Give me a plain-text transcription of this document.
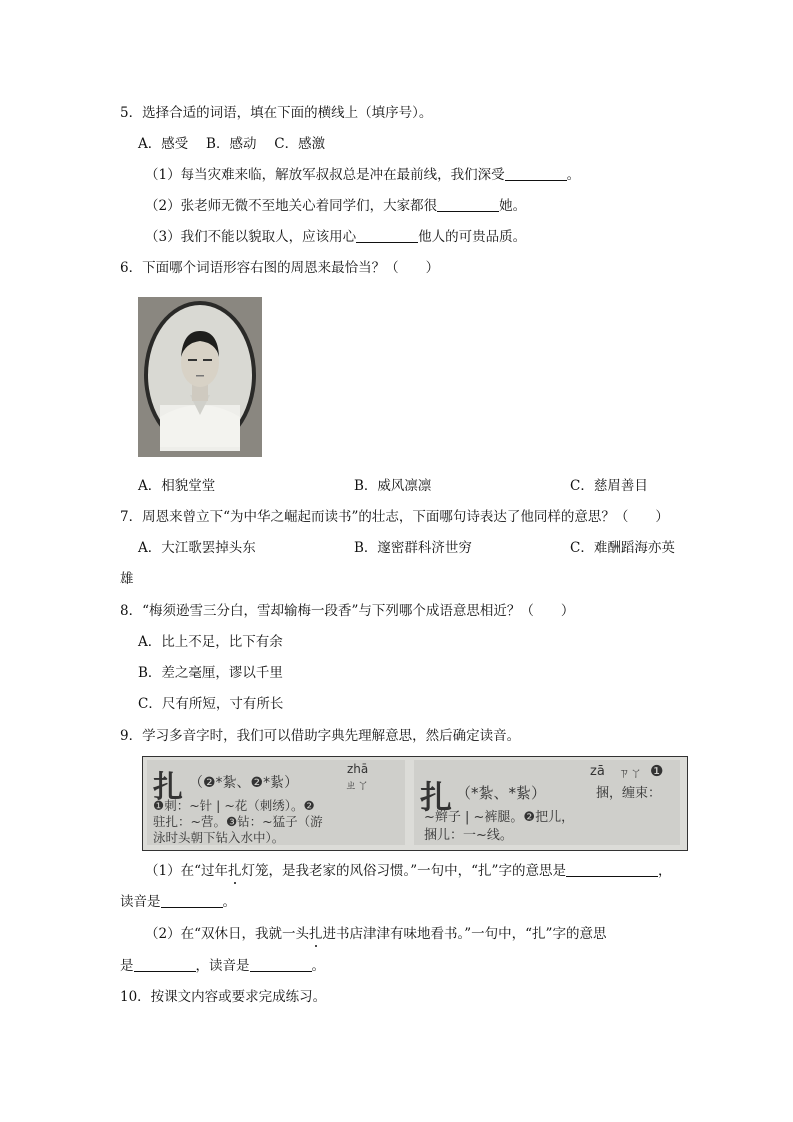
5．选择合适的词语，填在下面的横线上（填序号）。
A．感受　 B．感动　 C．感激
（1）每当灾难来临，解放军叔叔总是冲在最前线，我们深受	。
（2）张老师无微不至地关心着同学们，大家都很	她。
（3）我们不能以貌取人，应该用心	他人的可贵品质。
6．下面哪个词语形容右图的周恩来最恰当？（　　）
A．相貌堂堂	B．威风凛凛	C．慈眉善目
7．周恩来曾立下“为中华之崛起而读书”的壮志，下面哪句诗表达了他同样的意思？（　　）
A．大江歌罢掉头东	B．邃密群科济世穷	C．难酬蹈海亦英
雄
8．“梅须逊雪三分白，雪却输梅一段香”与下列哪个成语意思相近？（　　）
A．比上不足，比下有余
B．差之毫厘，谬以千里
C．尺有所短，寸有所长
9．学习多音字时，我们可以借助字典先理解意思，然后确定读音。
扎 （❷*紮、❷*紥）
zhā
ㄓㄚ
❶刺：~针 | ~花（刺绣）。❷
驻扎：~营。❸钻：~猛子（游
泳时头朝下钻入水中）。
扎 （*紮、*紥）
zā ㄗㄚ ❶
捆，缠束：
~辫子 | ~裤腿。❷把儿，
捆儿：一~线。
（1）在“过年扎灯笼，是我老家的风俗习惯。”一句中，“扎”字的意思是	，
读音是	。
（2）在“双休日，我就一头扎进书店津津有味地看书。”一句中，“扎”字的意思
是	，读音是	。
10．按课文内容或要求完成练习。
